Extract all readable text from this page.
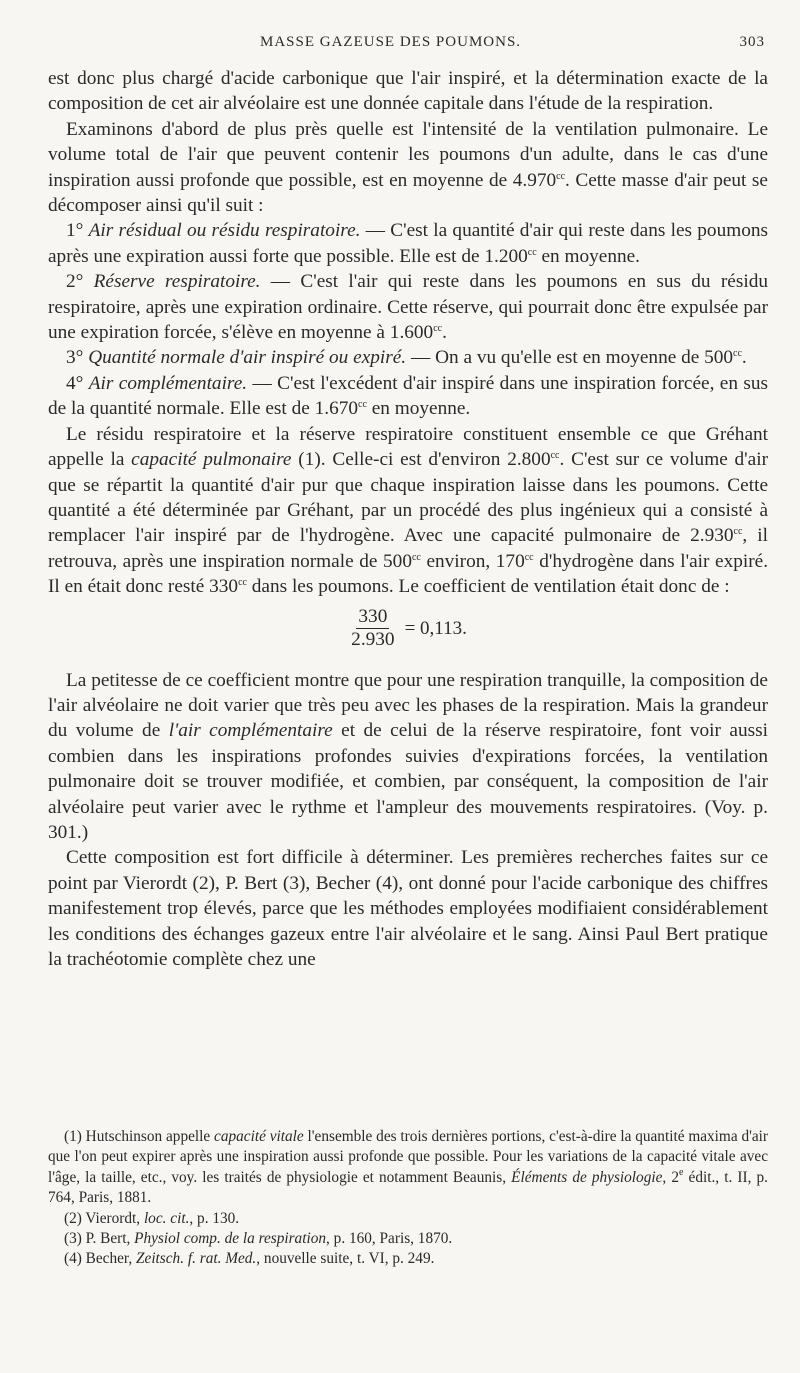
MASSE GAZEUSE DES POUMONS.	303

est donc plus chargé d'acide carbonique que l'air inspiré, et la détermination exacte de la composition de cet air alvéolaire est une donnée capitale dans l'étude de la respiration.

Examinons d'abord de plus près quelle est l'intensité de la ventilation pulmonaire. Le volume total de l'air que peuvent contenir les poumons d'un adulte, dans le cas d'une inspiration aussi profonde que possible, est en moyenne de 4.970$^{cc}$. Cette masse d'air peut se décomposer ainsi qu'il suit :

1° Air résidual ou résidu respiratoire. — C'est la quantité d'air qui reste dans les poumons après une expiration aussi forte que possible. Elle est de 1.200$^{cc}$ en moyenne.

2° Réserve respiratoire. — C'est l'air qui reste dans les poumons en sus du résidu respiratoire, après une expiration ordinaire. Cette réserve, qui pourrait donc être expulsée par une expiration forcée, s'élève en moyenne à 1.600$^{cc}$.

3° Quantité normale d'air inspiré ou expiré. — On a vu qu'elle est en moyenne de $500^{cc}$.

4° Air complémentaire. — C'est l'excédent d'air inspiré dans une inspiration forcée, en sus de la quantité normale. Elle est de 1.670$^{cc}$ en moyenne.

Le résidu respiratoire et la réserve respiratoire constituent ensemble ce que Gréhant appelle la capacité pulmonaire (1). Celle-ci est d'environ 2.800$^{cc}$. C'est sur ce volume d'air que se répartit la quantité d'air pur que chaque inspiration laisse dans les poumons. Cette quantité a été déterminée par Gréhant, par un procédé des plus ingénieux qui a consisté à remplacer l'air inspiré par de l'hydrogène. Avec une capacité pulmonaire de 2.930$^{cc}$, il retrouva, après une inspiration normale de $500^{cc}$ environ, $170^{cc}$ d'hydrogène dans l'air expiré. Il en était donc resté $330^{cc}$ dans les poumons. Le coefficient de ventilation était donc de :

$\frac{330}{2.930} = 0,113$.

La petitesse de ce coefficient montre que pour une respiration tranquille, la composition de l'air alvéolaire ne doit varier que très peu avec les phases de la respiration. Mais la grandeur du volume de l'air complémentaire et de celui de la réserve respiratoire, font voir aussi combien dans les inspirations profondes suivies d'expirations forcées, la ventilation pulmonaire doit se trouver modifiée, et combien, par conséquent, la composition de l'air alvéolaire peut varier avec le rythme et l'ampleur des mouvements respiratoires. (Voy. p. 301.)

Cette composition est fort difficile à déterminer. Les premières recherches faites sur ce point par Vierordt (2), P. Bert (3), Becher (4), ont donné pour l'acide carbonique des chiffres manifestement trop élevés, parce que les méthodes employées modifiaient considérablement les conditions des échanges gazeux entre l'air alvéolaire et le sang. Ainsi Paul Bert pratique la trachéotomie complète chez une

(1) Hutschinson appelle capacité vitale l'ensemble des trois dernières portions, c'est-à-dire la quantité maxima d'air que l'on peut expirer après une inspiration aussi profonde que possible. Pour les variations de la capacité vitale avec l'âge, la taille, etc., voy. les traités de physiologie et notamment Beaunis, Éléments de physiologie, 2e édit., t. II, p. 764, Paris, 1881.

(2) Vierordt, loc. cit., p. 130.

(3) P. Bert, Physiol comp. de la respiration, p. 160, Paris, 1870.

(4) Becher, Zeitsch. f. rat. Med., nouvelle suite, t. VI, p. 249.
